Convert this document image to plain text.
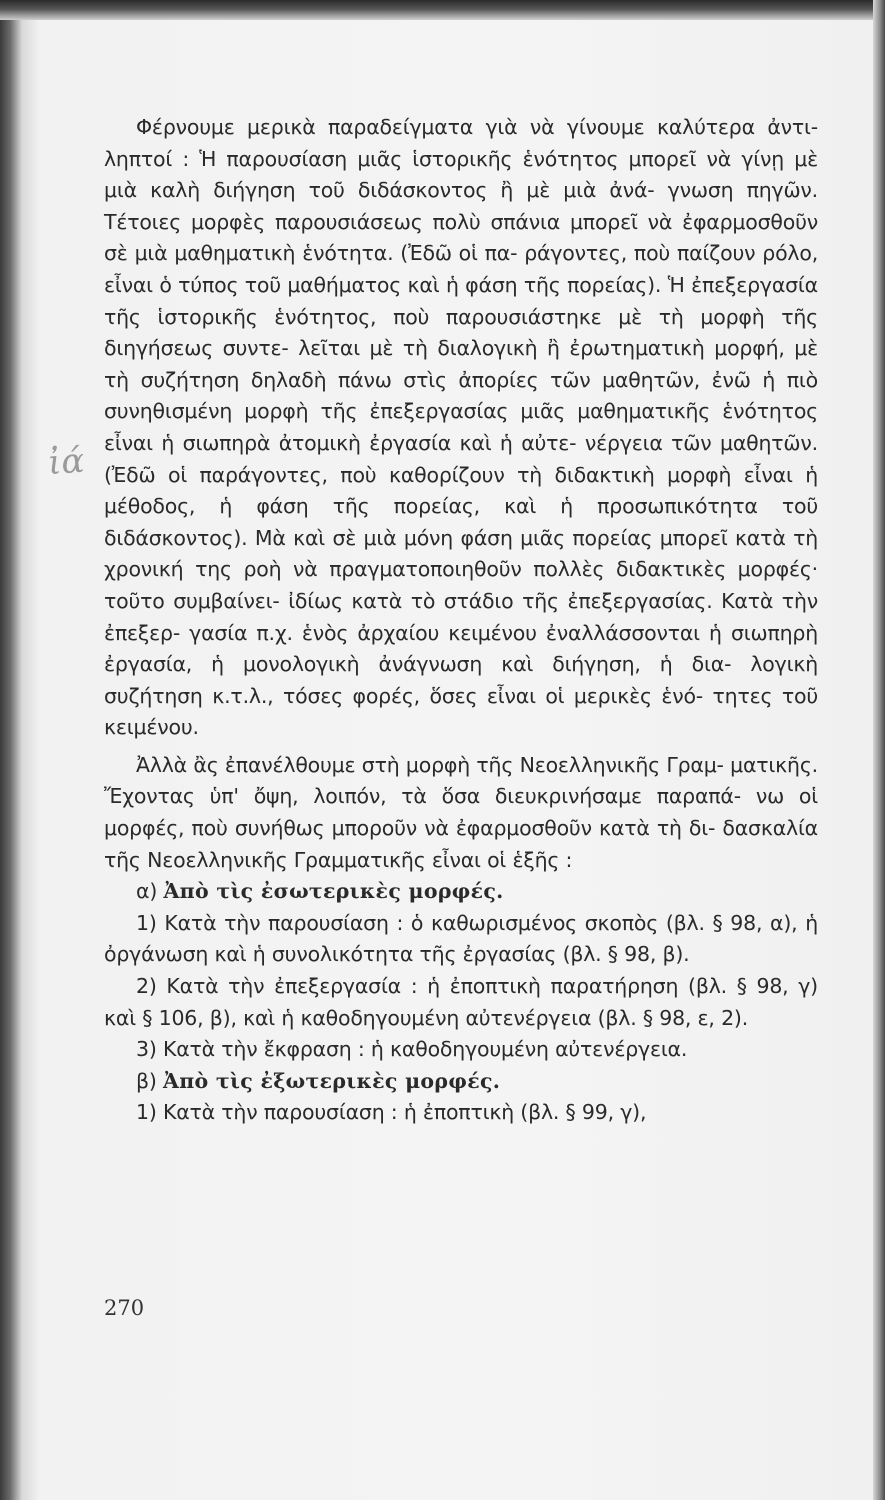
ἰά
Φέρνουμε μερικὰ παραδείγματα γιὰ νὰ γίνουμε καλύτερα ἀντι- ληπτοί : Ἡ παρουσίαση μιᾶς ἱστορικῆς ἑνότητος μπορεῖ νὰ γίνῃ μὲ μιὰ καλὴ διήγηση τοῦ διδάσκοντος ἢ μὲ μιὰ ἀνά- γνωση πηγῶν. Τέτοιες μορφὲς παρουσιάσεως πολὺ σπάνια μπορεῖ νὰ ἐφαρμοσθοῦν σὲ μιὰ μαθηματικὴ ἑνότητα. (Ἐδῶ οἱ πα- ράγοντες, ποὺ παίζουν ρόλο, εἶναι ὁ τύπος τοῦ μαθήματος καὶ ἡ φάση τῆς πορείας). Ἡ ἐπεξεργασία τῆς ἱστορικῆς ἑνότητος, ποὺ παρουσιάστηκε μὲ τὴ μορφὴ τῆς διηγήσεως συντε- λεῖται μὲ τὴ διαλογικὴ ἢ ἐρωτηματικὴ μορφή, μὲ τὴ συζήτηση δηλαδὴ πάνω στὶς ἀπορίες τῶν μαθητῶν, ἐνῶ ἡ πιὸ συνηθισμένη μορφὴ τῆς ἐπεξεργασίας μιᾶς μαθηματικῆς ἑνότητος εἶναι ἡ σιωπηρὰ ἀτομικὴ ἐργασία καὶ ἡ αὐτε- νέργεια τῶν μαθητῶν. (Ἐδῶ οἱ παράγοντες, ποὺ καθορίζουν τὴ διδακτικὴ μορφὴ εἶναι ἡ μέθοδος, ἡ φάση τῆς πορείας, καὶ ἡ προσωπικότητα τοῦ διδάσκοντος). Μὰ καὶ σὲ μιὰ μόνη φάση μιᾶς πορείας μπορεῖ κατὰ τὴ χρονική της ροὴ νὰ πραγματοποιηθοῦν πολλὲς διδακτικὲς μορφές· τοῦτο συμβαίνει- ἰδίως κατὰ τὸ στάδιο τῆς ἐπεξεργασίας. Κατὰ τὴν ἐπεξερ- γασία π.χ. ἑνὸς ἀρχαίου κειμένου ἐναλλάσσονται ἡ σιωπηρὴ ἐργασία, ἡ μονολογικὴ ἀνάγνωση καὶ διήγηση, ἡ δια- λογικὴ συζήτηση κ.τ.λ., τόσες φορές, ὅσες εἶναι οἱ μερικὲς ἑνό- τητες τοῦ κειμένου.
Ἀλλὰ ἂς ἐπανέλθουμε στὴ μορφὴ τῆς Νεοελληνικῆς Γραμ- ματικῆς. Ἔχοντας ὑπ' ὄψη, λοιπόν, τὰ ὅσα διευκρινήσαμε παραπά- νω οἱ μορφές, ποὺ συνήθως μποροῦν νὰ ἐφαρμοσθοῦν κατὰ τὴ δι- δασκαλία τῆς Νεοελληνικῆς Γραμματικῆς εἶναι οἱ ἑξῆς :
α) Ἀπὸ τὶς ἐσωτερικὲς μορφές.
1) Κατὰ τὴν παρουσίαση : ὁ καθωρισμένος σκοπὸς (βλ. § 98, α), ἡ ὀργάνωση καὶ ἡ συνολικότητα τῆς ἐργασίας (βλ. § 98, β).
2) Κατὰ τὴν ἐπεξεργασία : ἡ ἐποπτικὴ παρατήρηση (βλ. § 98, γ) καὶ § 106, β), καὶ ἡ καθοδηγουμένη αὐτενέργεια (βλ. § 98, ε, 2).
3) Κατὰ τὴν ἔκφραση : ἡ καθοδηγουμένη αὐτενέργεια.
β) Ἀπὸ τὶς ἐξωτερικὲς μορφές.
1) Κατὰ τὴν παρουσίαση : ἡ ἐποπτικὴ (βλ. § 99, γ),
270
